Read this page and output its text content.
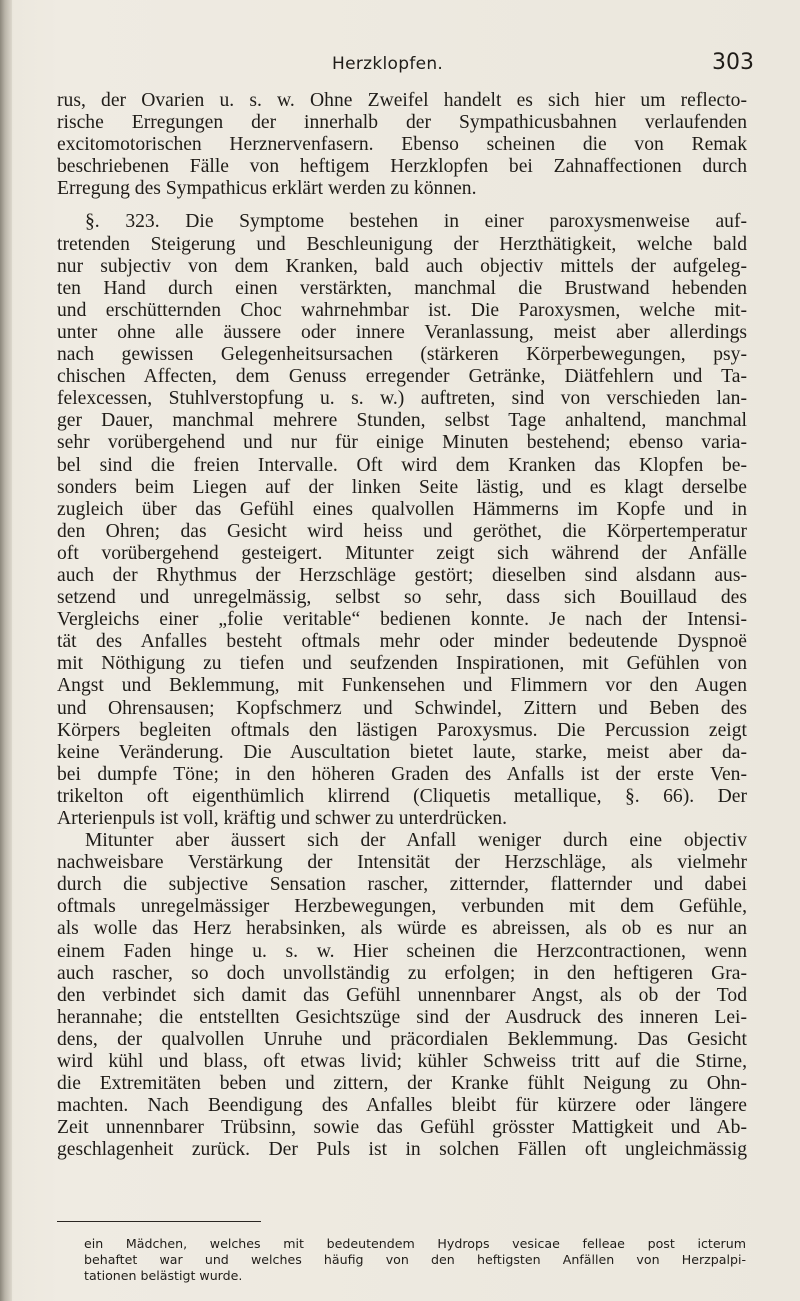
Herzklopfen.	303
rus, der Ovarien u. s. w. Ohne Zweifel handelt es sich hier um reflecto-
rische Erregungen der innerhalb der Sympathicusbahnen verlaufenden
excitomotorischen Herznervenfasern. Ebenso scheinen die von Remak
beschriebenen Fälle von heftigem Herzklopfen bei Zahnaffectionen durch
Erregung des Sympathicus erklärt werden zu können.
§. 323. Die Symptome bestehen in einer paroxysmenweise auf-
tretenden Steigerung und Beschleunigung der Herzthätigkeit, welche bald
nur subjectiv von dem Kranken, bald auch objectiv mittels der aufgeleg-
ten Hand durch einen verstärkten, manchmal die Brustwand hebenden
und erschütternden Choc wahrnehmbar ist. Die Paroxysmen, welche mit-
unter ohne alle äussere oder innere Veranlassung, meist aber allerdings
nach gewissen Gelegenheitsursachen (stärkeren Körperbewegungen, psy-
chischen Affecten, dem Genuss erregender Getränke, Diätfehlern und Ta-
felexcessen, Stuhlverstopfung u. s. w.) auftreten, sind von verschieden lan-
ger Dauer, manchmal mehrere Stunden, selbst Tage anhaltend, manchmal
sehr vorübergehend und nur für einige Minuten bestehend; ebenso varia-
bel sind die freien Intervalle. Oft wird dem Kranken das Klopfen be-
sonders beim Liegen auf der linken Seite lästig, und es klagt derselbe
zugleich über das Gefühl eines qualvollen Hämmerns im Kopfe und in
den Ohren; das Gesicht wird heiss und geröthet, die Körpertemperatur
oft vorübergehend gesteigert. Mitunter zeigt sich während der Anfälle
auch der Rhythmus der Herzschläge gestört; dieselben sind alsdann aus-
setzend und unregelmässig, selbst so sehr, dass sich Bouillaud des
Vergleichs einer „folie veritable“ bedienen konnte. Je nach der Intensi-
tät des Anfalles besteht oftmals mehr oder minder bedeutende Dyspnoë
mit Nöthigung zu tiefen und seufzenden Inspirationen, mit Gefühlen von
Angst und Beklemmung, mit Funkensehen und Flimmern vor den Augen
und Ohrensausen; Kopfschmerz und Schwindel, Zittern und Beben des
Körpers begleiten oftmals den lästigen Paroxysmus. Die Percussion zeigt
keine Veränderung. Die Auscultation bietet laute, starke, meist aber da-
bei dumpfe Töne; in den höheren Graden des Anfalls ist der erste Ven-
trikelton oft eigenthümlich klirrend (Cliquetis metallique, §. 66). Der
Arterienpuls ist voll, kräftig und schwer zu unterdrücken.
Mitunter aber äussert sich der Anfall weniger durch eine objectiv
nachweisbare Verstärkung der Intensität der Herzschläge, als vielmehr
durch die subjective Sensation rascher, zitternder, flatternder und dabei
oftmals unregelmässiger Herzbewegungen, verbunden mit dem Gefühle,
als wolle das Herz herabsinken, als würde es abreissen, als ob es nur an
einem Faden hinge u. s. w. Hier scheinen die Herzcontractionen, wenn
auch rascher, so doch unvollständig zu erfolgen; in den heftigeren Gra-
den verbindet sich damit das Gefühl unnennbarer Angst, als ob der Tod
herannahe; die entstellten Gesichtszüge sind der Ausdruck des inneren Lei-
dens, der qualvollen Unruhe und präcordialen Beklemmung. Das Gesicht
wird kühl und blass, oft etwas livid; kühler Schweiss tritt auf die Stirne,
die Extremitäten beben und zittern, der Kranke fühlt Neigung zu Ohn-
machten. Nach Beendigung des Anfalles bleibt für kürzere oder längere
Zeit unnennbarer Trübsinn, sowie das Gefühl grösster Mattigkeit und Ab-
geschlagenheit zurück. Der Puls ist in solchen Fällen oft ungleichmässig
ein Mädchen, welches mit bedeutendem Hydrops vesicae felleae post icterum
behaftet war und welches häufig von den heftigsten Anfällen von Herzpalpi-
tationen belästigt wurde.
